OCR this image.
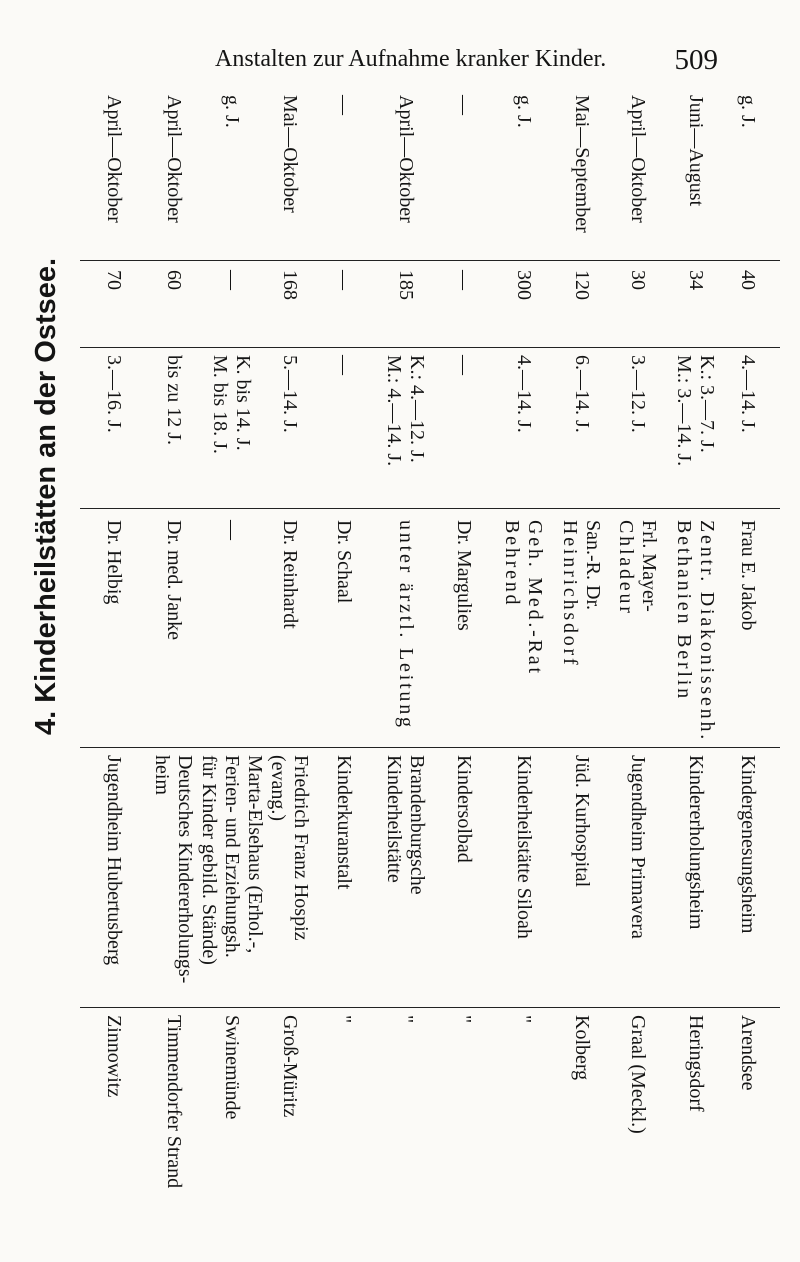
Anstalten zur Aufnahme kranker Kinder. 509
4. Kinderheilstätten an der Ostsee.
g. J.
40
4.—14. J.
Frau E. Jakob
Kindergenesungsheim
Arendsee
Juni—August
34
K.: 3.—7. J.
M.: 3.—14. J.
Zentr. Diakonissenh.
Bethanien Berlin
Kindererholungsheim
Heringsdorf
April—Oktober
30
3.—12. J.
Frl. Mayer-
Chladeur
Jugendheim Primavera
Graal (Meckl.)
Mai—September
120
6.—14. J.
San.-R. Dr.
Heinrichsdorf
Jüd. Kurhospital
Kolberg
g. J.
300
4.—14. J.
Geh. Med.-Rat
Behrend
Kinderheilstätte Siloah
"
—
—
—
Dr. Margulies
Kindersolbad
"
April—Oktober
185
K.: 4.—12. J.
M.: 4.—14. J.
unter ärztl. Leitung
Brandenburgsche
Kinderheilstätte
"
—
—
—
Dr. Schaal
Kinderkuranstalt
"
Mai—Oktober
168
5.—14. J.
Dr. Reinhardt
Friedrich Franz Hospiz
(evang.)
Groß-Müritz
g. J.
—
K. bis 14. J.
M. bis 18. J.
—
Marta-Elsehaus (Erhol.-,
Ferien- und Erziehungsh.
für Kinder gebild. Stände)
Swinemünde
April—Oktober
60
bis zu 12 J.
Dr. med. Janke
Deutsches Kindererholungs-
heim
Timmendorfer Strand
April—Oktober
70
3.—16. J.
Dr. Helbig
Jugendheim Hubertusberg
Zinnowitz
